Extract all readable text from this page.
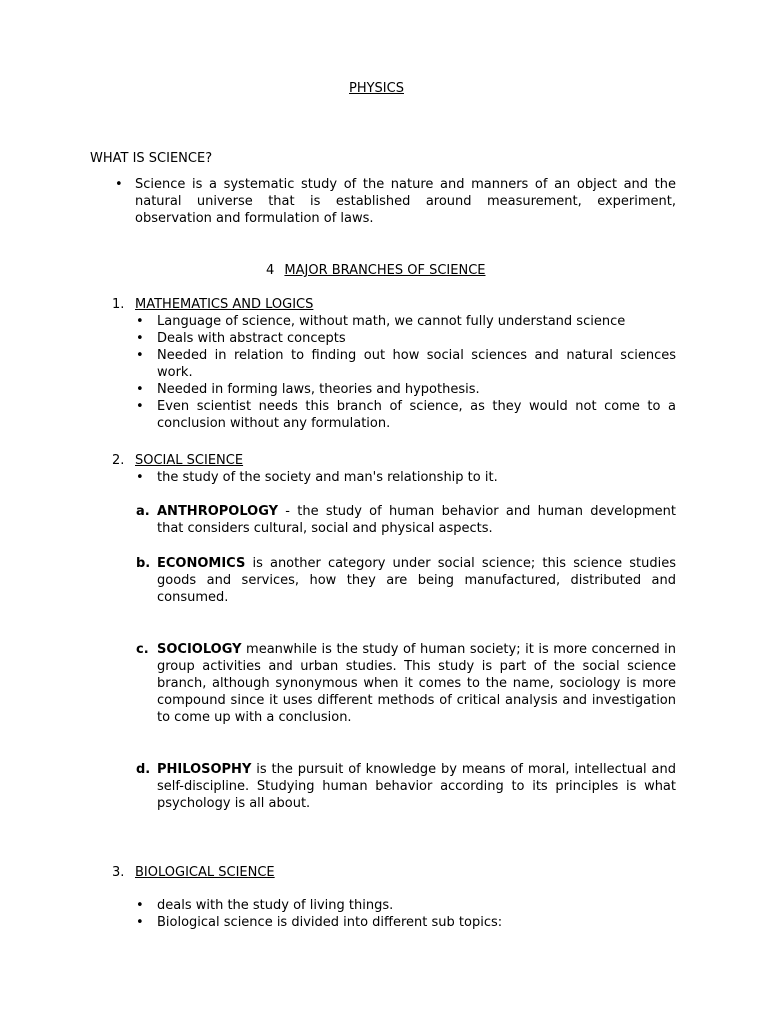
PHYSICS
WHAT IS SCIENCE?
• Science is a systematic study of the nature and manners of an object and the natural universe that is established around measurement, experiment, observation and formulation of laws.
4 MAJOR BRANCHES OF SCIENCE
1. MATHEMATICS AND LOGICS
• Language of science, without math, we cannot fully understand science
• Deals with abstract concepts
• Needed in relation to finding out how social sciences and natural sciences work.
• Needed in forming laws, theories and hypothesis.
• Even scientist needs this branch of science, as they would not come to a conclusion without any formulation.
2. SOCIAL SCIENCE
• the study of the society and man's relationship to it.
a. ANTHROPOLOGY - the study of human behavior and human development that considers cultural, social and physical aspects.
b. ECONOMICS is another category under social science; this science studies goods and services, how they are being manufactured, distributed and consumed.
c. SOCIOLOGY meanwhile is the study of human society; it is more concerned in group activities and urban studies. This study is part of the social science branch, although synonymous when it comes to the name, sociology is more compound since it uses different methods of critical analysis and investigation to come up with a conclusion.
d. PHILOSOPHY is the pursuit of knowledge by means of moral, intellectual and self-discipline. Studying human behavior according to its principles is what psychology is all about.
3. BIOLOGICAL SCIENCE
• deals with the study of living things.
• Biological science is divided into different sub topics:
